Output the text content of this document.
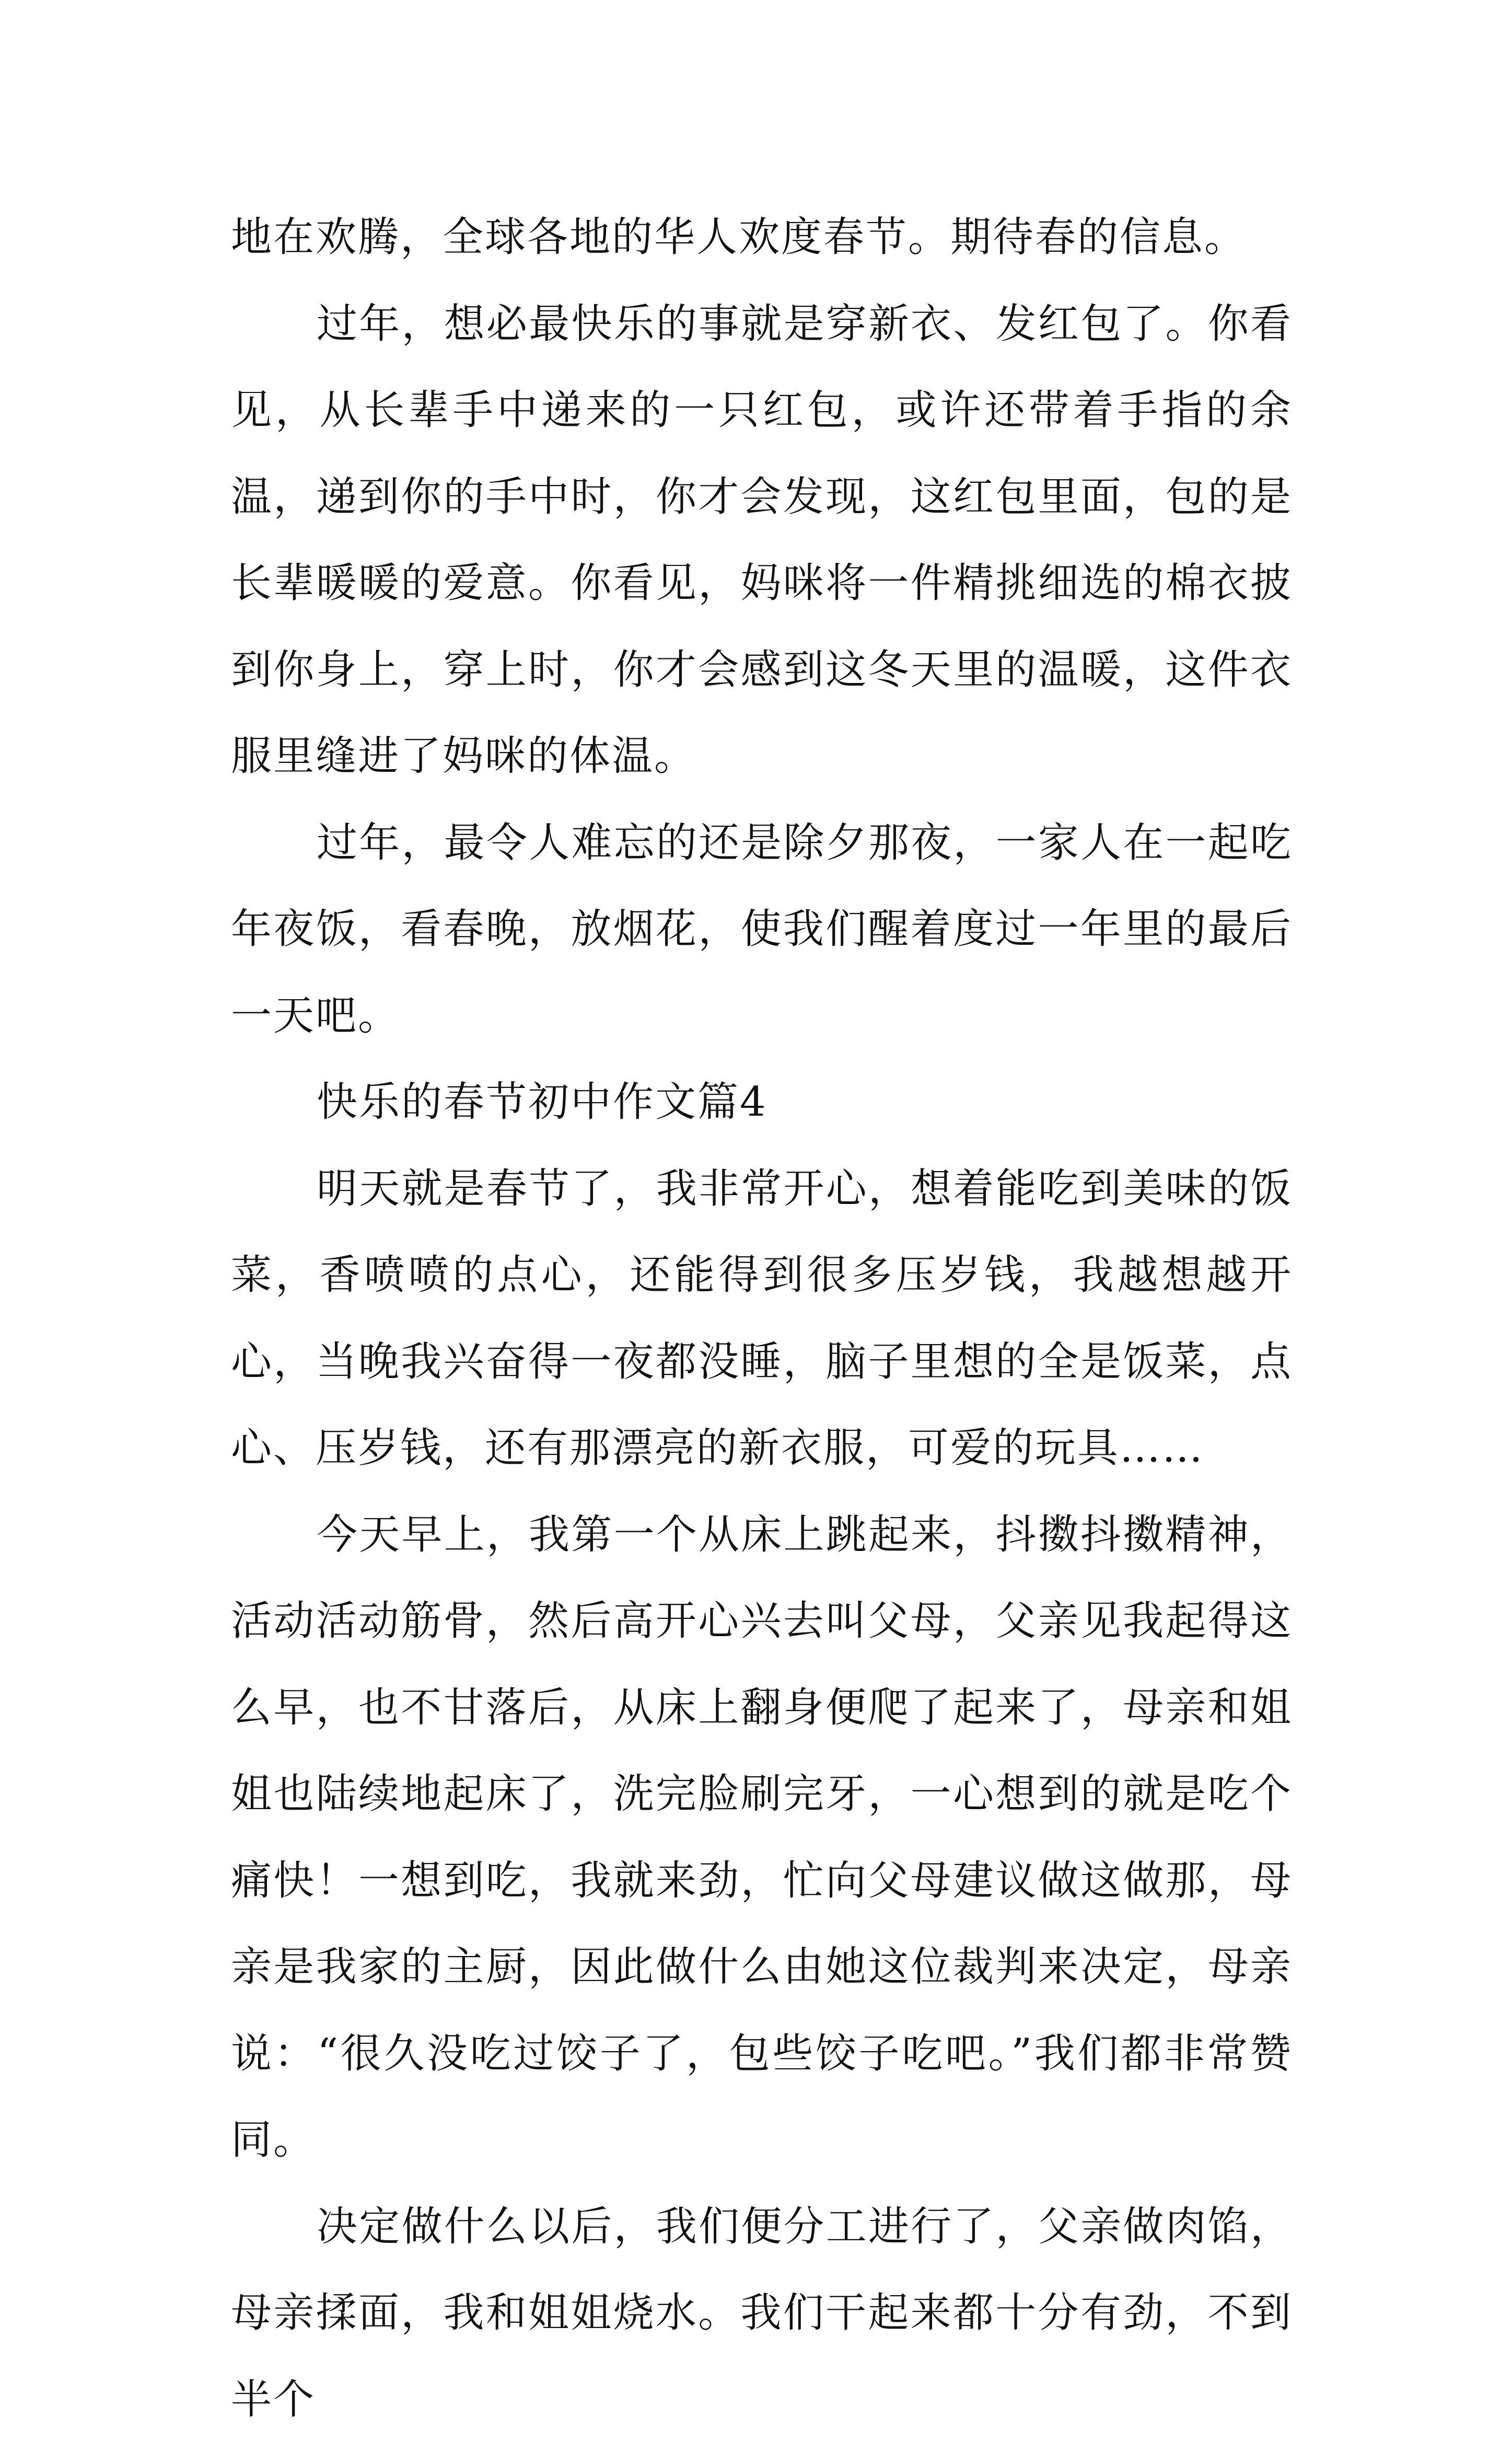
地在欢腾，全球各地的华人欢度春节。期待春的信息。

过年，想必最快乐的事就是穿新衣、发红包了。你看见，从长辈手中递来的一只红包，或许还带着手指的余温，递到你的手中时，你才会发现，这红包里面，包的是长辈暖暖的爱意。你看见，妈咪将一件精挑细选的棉衣披到你身上，穿上时，你才会感到这冬天里的温暖，这件衣服里缝进了妈咪的体温。

过年，最令人难忘的还是除夕那夜，一家人在一起吃年夜饭，看春晚，放烟花，使我们醒着度过一年里的最后一天吧。

快乐的春节初中作文篇4

明天就是春节了，我非常开心，想着能吃到美味的饭菜，香喷喷的点心，还能得到很多压岁钱，我越想越开心，当晚我兴奋得一夜都没睡，脑子里想的全是饭菜，点心、压岁钱，还有那漂亮的新衣服，可爱的玩具……

今天早上，我第一个从床上跳起来，抖擞抖擞精神，活动活动筋骨，然后高开心兴去叫父母，父亲见我起得这么早，也不甘落后，从床上翻身便爬了起来了，母亲和姐姐也陆续地起床了，洗完脸刷完牙，一心想到的就是吃个痛快！一想到吃，我就来劲，忙向父母建议做这做那，母亲是我家的主厨，因此做什么由她这位裁判来决定，母亲说：“很久没吃过饺子了，包些饺子吃吧。”我们都非常赞同。

决定做什么以后，我们便分工进行了，父亲做肉馅，母亲揉面，我和姐姐烧水。我们干起来都十分有劲，不到半个
